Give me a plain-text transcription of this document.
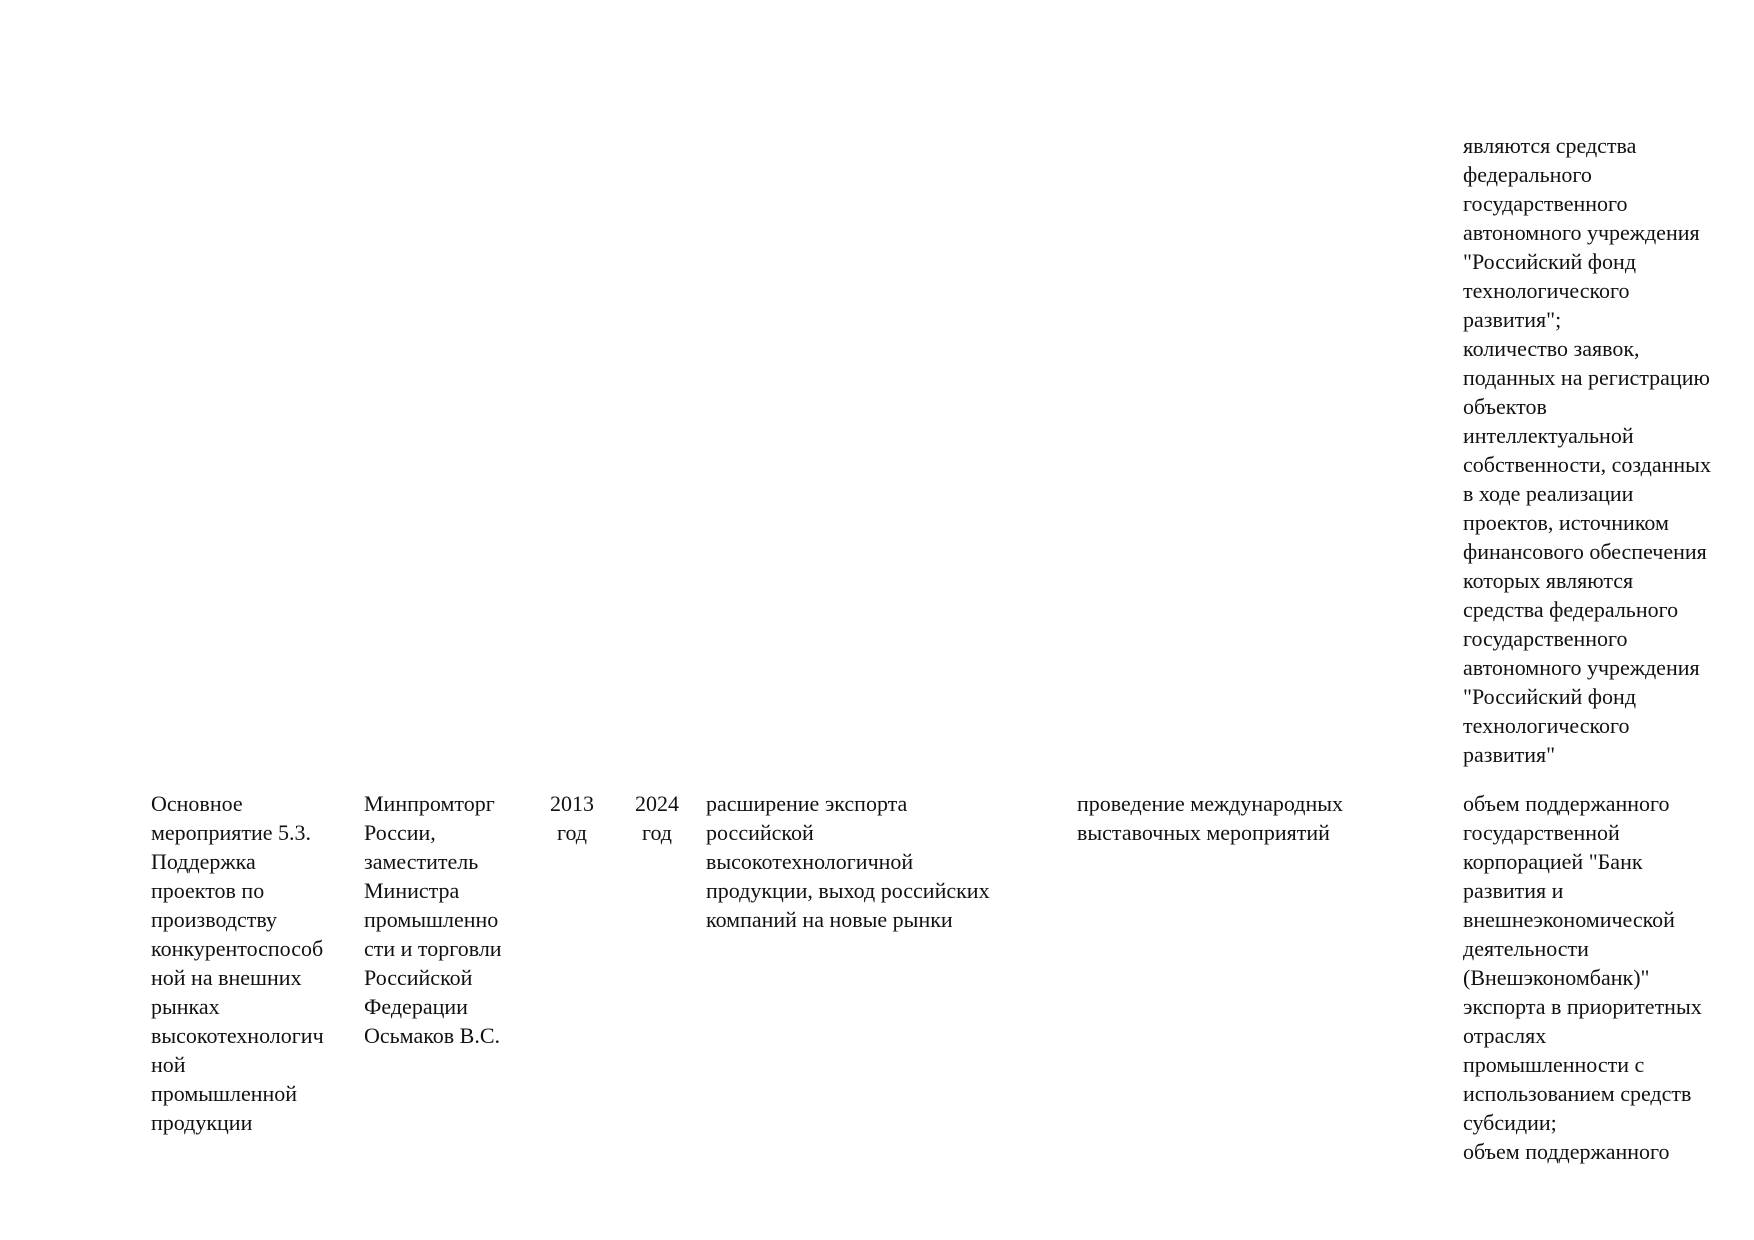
являются средства
федерального
государственного
автономного учреждения
"Российский фонд
технологического
развития";
количество заявок,
поданных на регистрацию
объектов
интеллектуальной
собственности, созданных
в ходе реализации
проектов, источником
финансового обеспечения
которых являются
средства федерального
государственного
автономного учреждения
"Российский фонд
технологического
развития"
Основное
мероприятие 5.3.
Поддержка
проектов по
производству
конкурентоспособ
ной на внешних
рынках
высокотехнологич
ной
промышленной
продукции
Минпромторг
России,
заместитель
Министра
промышленно
сти и торговли
Российской
Федерации
Осьмаков В.С.
2013
год
2024
год
расширение экспорта
российской
высокотехнологичной
продукции, выход российских
компаний на новые рынки
проведение международных
выставочных мероприятий
объем поддержанного
государственной
корпорацией "Банк
развития и
внешнеэкономической
деятельности
(Внешэкономбанк)"
экспорта в приоритетных
отраслях
промышленности с
использованием средств
субсидии;
объем поддержанного
